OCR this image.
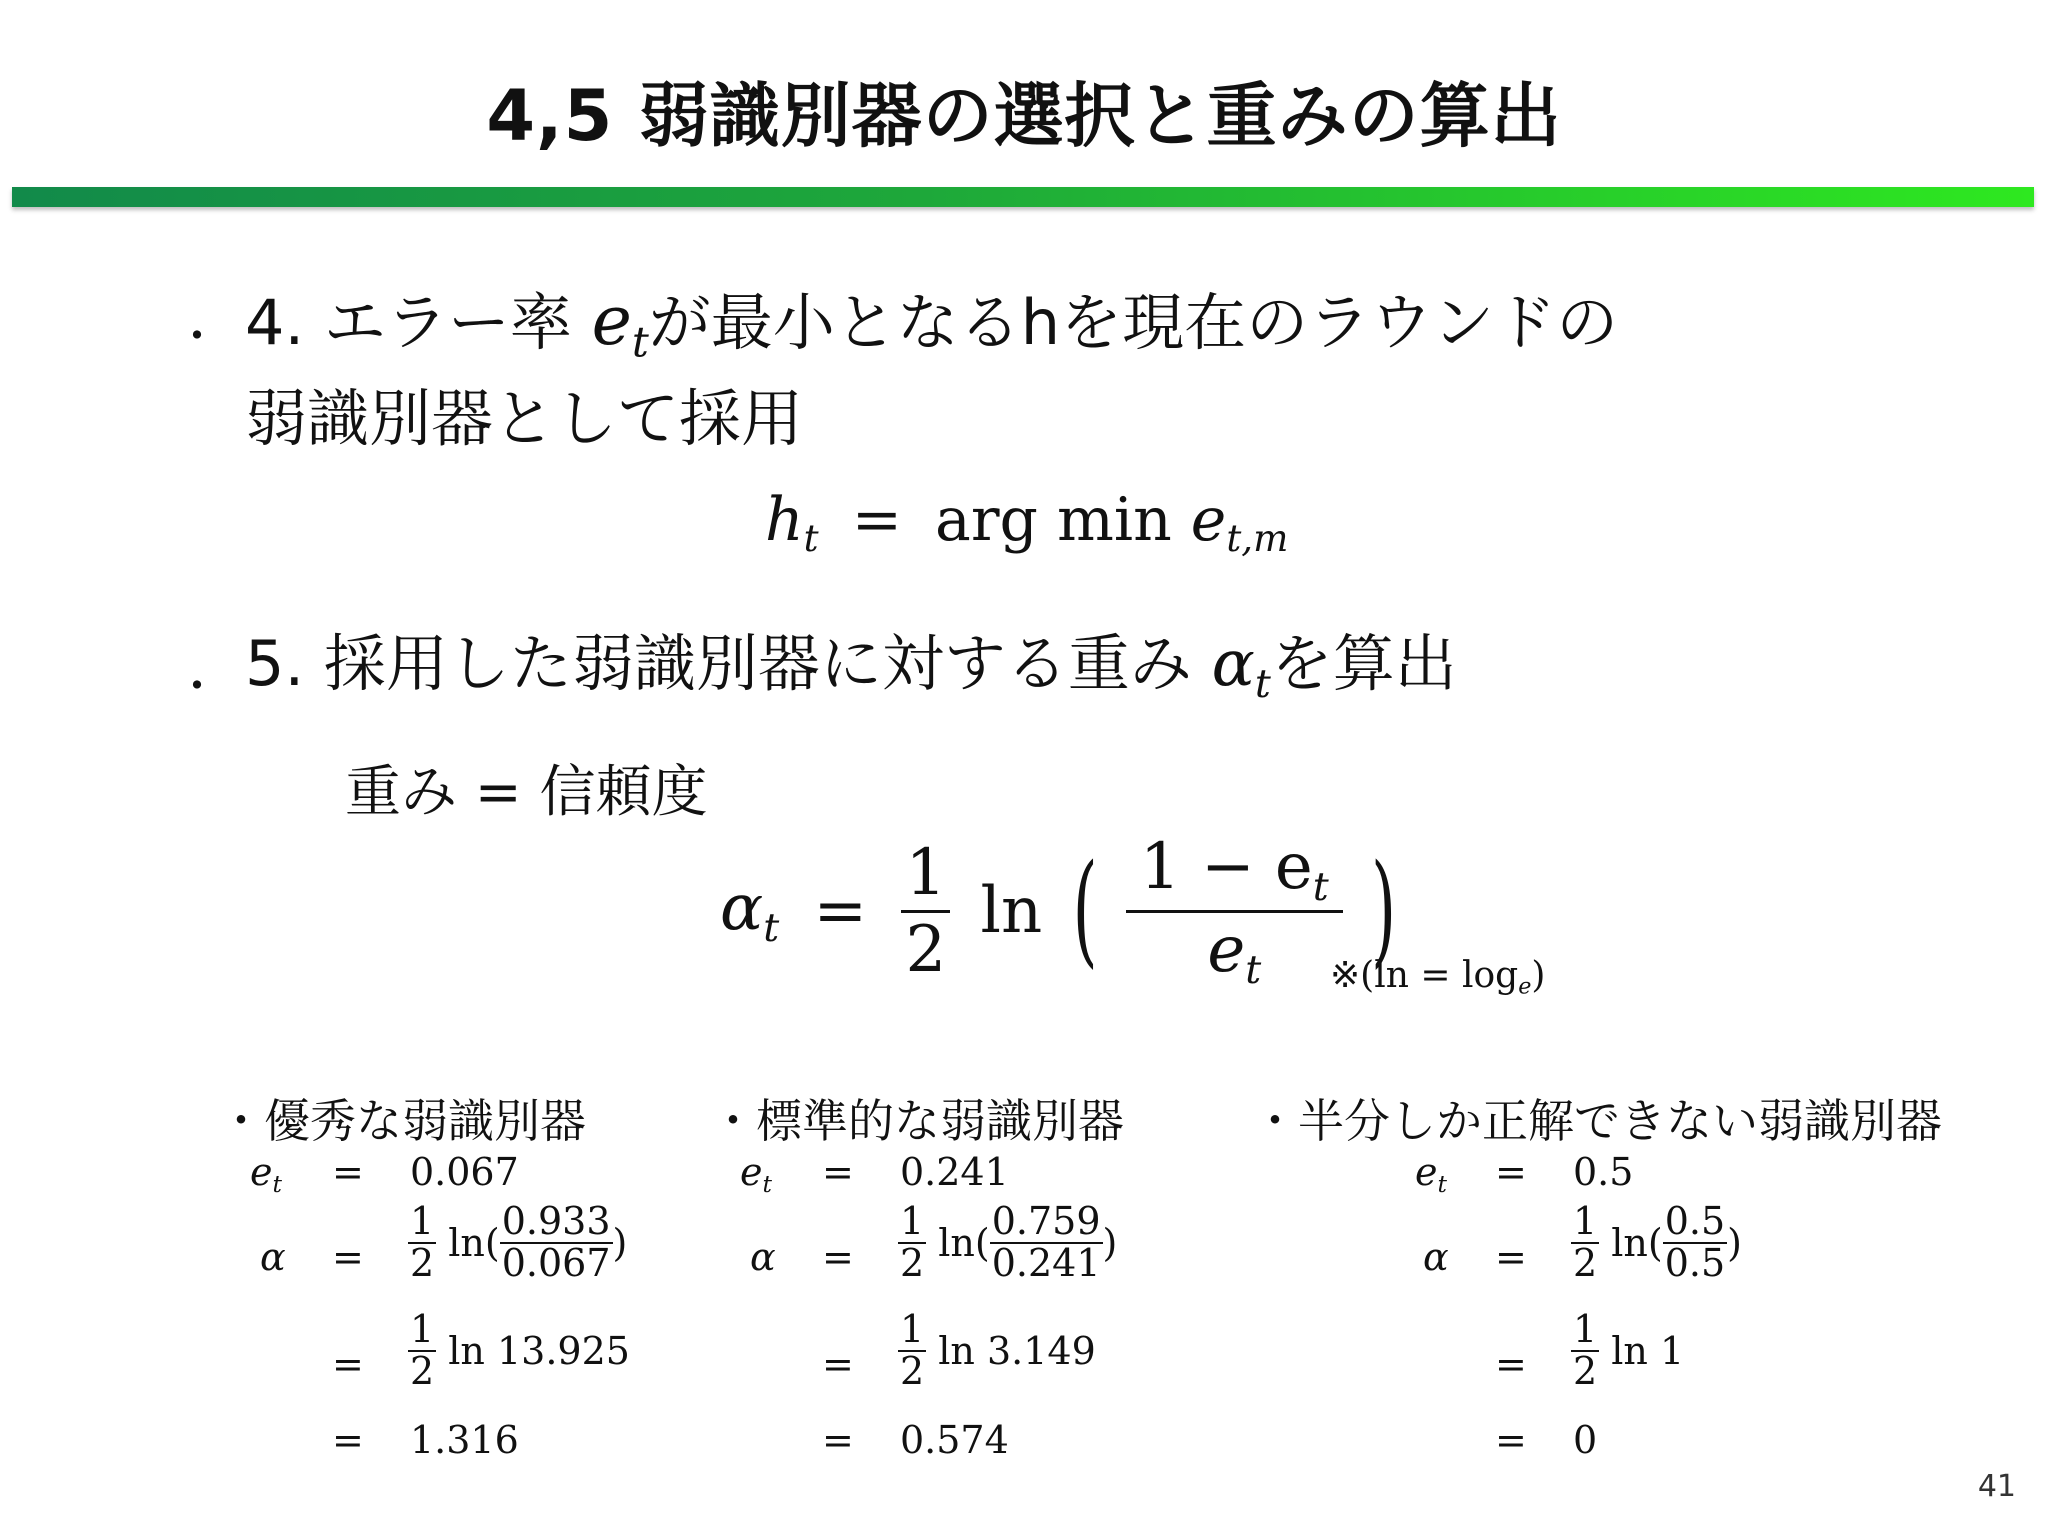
4,5 弱識別器の選択と重みの算出
・ 4. エラー率 $e_t$が最小となるhを現在のラウンドの
弱識別器として採用
$h_t$ = arg $\min e_{t,m}$
・ 5. 採用した弱識別器に対する重み $\alpha_t$を算出
重み = 信頼度
$\alpha_t = \frac{1}{2}$ ln ( $\frac{1 - e_t}{e_t}$ )
※(ln = $\log_e$)
・優秀な弱識別器
$e_t = 0.067$
$\alpha = \frac{1}{2} \ln( \frac{0.933}{0.067}$ )
= $\frac{1}{2}$ ln 13.925
= 1.316
・標準的な弱識別器
$e_t = 0.241$
$\alpha = \frac{1}{2} \ln( \frac{0.759}{0.241}$ )
= $\frac{1}{2}$ ln 3.149
= 0.574
・半分しか正解できない弱識別器
$e_t = 0.5$
$\alpha = \frac{1}{2} \ln( \frac{0.5}{0.5}$ )
= $\frac{1}{2}$ ln 1
= 0
41
